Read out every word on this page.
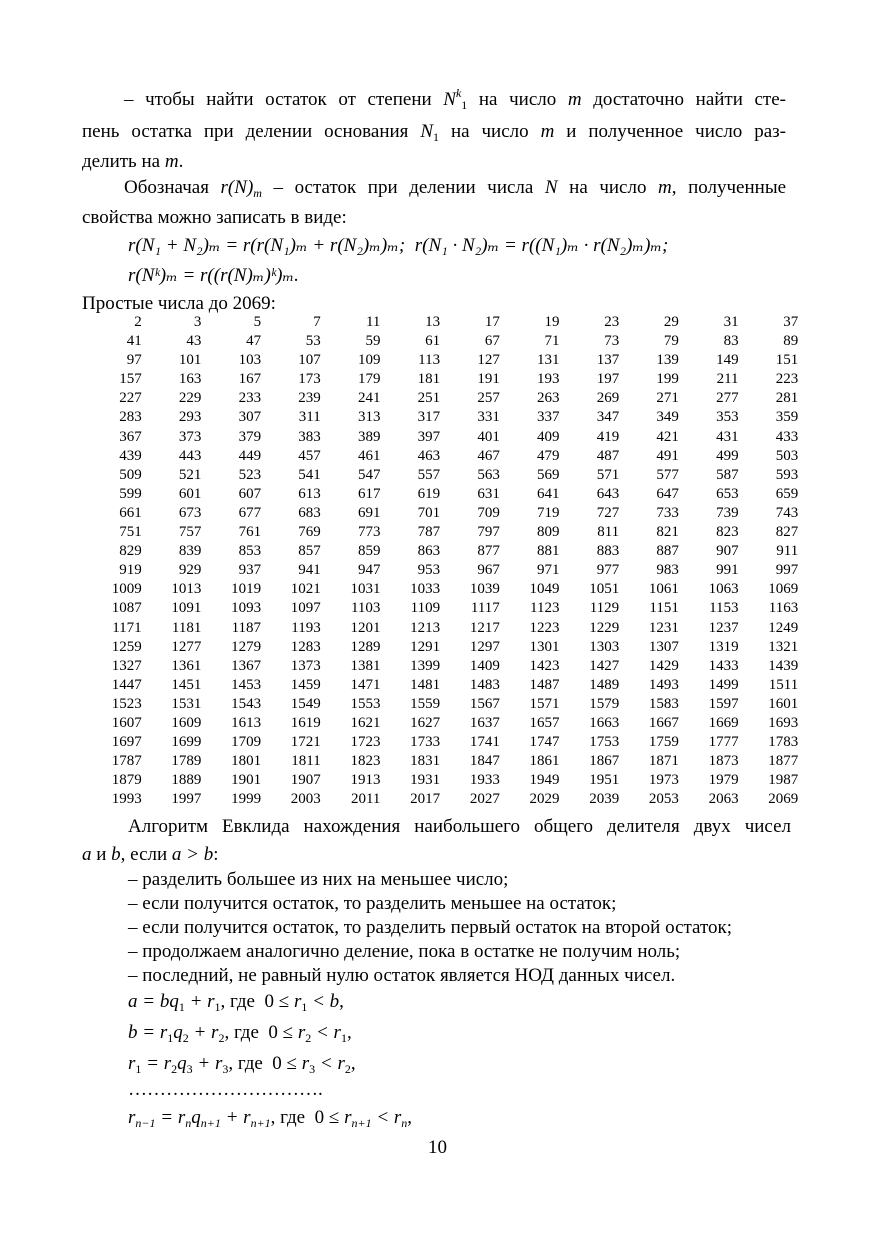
– чтобы найти остаток от степени $N^k_1$ на число m достаточно найти сте-
пень остатка при делении основания $N_1$ на число m и полученное число раз-
делить на m.
Обозначая $r(N)_m$ – остаток при делении числа N на число m, полученные
свойства можно записать в виде:
r(N₁ + N₂)ₘ = r(r(N₁)ₘ + r(N₂)ₘ)ₘ; r(N₁ · N₂)ₘ = r((N₁)ₘ · r(N₂)ₘ)ₘ;
r(Nᵏ)ₘ = r((r(N)ₘ)ᵏ)ₘ.
Простые числа до 2069:
2	3	5	7	11	13	17	19	23	29	31	37
41	43	47	53	59	61	67	71	73	79	83	89
97	101	103	107	109	113	127	131	137	139	149	151
157	163	167	173	179	181	191	193	197	199	211	223
227	229	233	239	241	251	257	263	269	271	277	281
283	293	307	311	313	317	331	337	347	349	353	359
367	373	379	383	389	397	401	409	419	421	431	433
439	443	449	457	461	463	467	479	487	491	499	503
509	521	523	541	547	557	563	569	571	577	587	593
599	601	607	613	617	619	631	641	643	647	653	659
661	673	677	683	691	701	709	719	727	733	739	743
751	757	761	769	773	787	797	809	811	821	823	827
829	839	853	857	859	863	877	881	883	887	907	911
919	929	937	941	947	953	967	971	977	983	991	997
1009	1013	1019	1021	1031	1033	1039	1049	1051	1061	1063	1069
1087	1091	1093	1097	1103	1109	1117	1123	1129	1151	1153	1163
1171	1181	1187	1193	1201	1213	1217	1223	1229	1231	1237	1249
1259	1277	1279	1283	1289	1291	1297	1301	1303	1307	1319	1321
1327	1361	1367	1373	1381	1399	1409	1423	1427	1429	1433	1439
1447	1451	1453	1459	1471	1481	1483	1487	1489	1493	1499	1511
1523	1531	1543	1549	1553	1559	1567	1571	1579	1583	1597	1601
1607	1609	1613	1619	1621	1627	1637	1657	1663	1667	1669	1693
1697	1699	1709	1721	1723	1733	1741	1747	1753	1759	1777	1783
1787	1789	1801	1811	1823	1831	1847	1861	1867	1871	1873	1877
1879	1889	1901	1907	1913	1931	1933	1949	1951	1973	1979	1987
1993	1997	1999	2003	2011	2017	2027	2029	2039	2053	2063	2069
Алгоритм Евклида нахождения наибольшего общего делителя двух чисел
a и b, если a > b:
– разделить большее из них на меньшее число;
– если получится остаток, то разделить меньшее на остаток;
– если получится остаток, то разделить первый остаток на второй остаток;
– продолжаем аналогично деление, пока в остатке не получим ноль;
– последний, не равный нулю остаток является НОД данных чисел.
$a = bq_1 + r_1$, где $0 \le r_1 < b$,
$b = r_1q_2 + r_2$, где $0 \le r_2 < r_1$,
$r_1 = r_2q_3 + r_3$, где $0 \le r_3 < r_2$,
………………………….
$r_{n-1} = r_nq_{n+1} + r_{n+1}$, где $0 \le r_{n+1} < r_n$,
10
